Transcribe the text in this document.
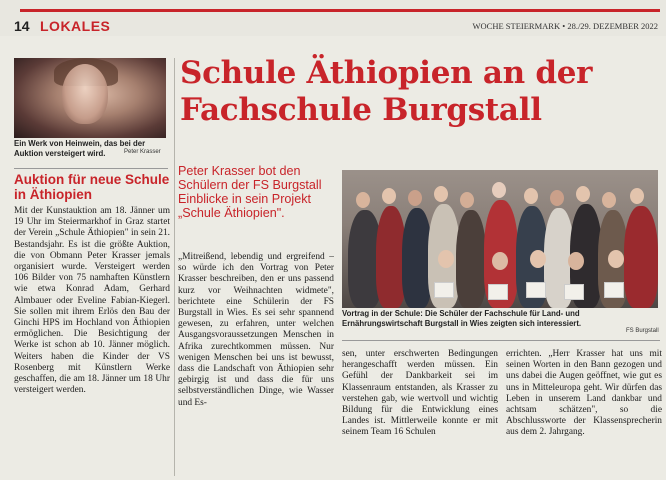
14 LOKALES	WOCHE STEIERMARK • 28./29. DEZEMBER 2022
Ein Werk von Heinwein, das bei der Auktion versteigert wird.	Peter Krasser
Auktion für neue Schule in Äthiopien

Mit der Kunstauktion am 18. Jänner um 19 Uhr im Steiermarkhof in Graz startet der Verein „Schule Äthiopien" in sein 21. Bestandsjahr. Es ist die größte Auktion, die von Obmann Peter Krasser jemals organisiert wurde. Versteigert werden 106 Bilder von 75 namhaften Künstlern wie etwa Konrad Adam, Gerhard Almbauer oder Eveline Fabian-Kiegerl. Sie sollen mit ihrem Erlös den Bau der Ginchi HPS im Hochland von Äthiopien ermöglichen. Die Besichtigung der Werke ist schon ab 10. Jänner möglich. Weiters haben die Kinder der VS Rosenberg mit Künstlern Werke geschaffen, die am 18. Jänner um 18 Uhr versteigert werden.

Schule Äthiopien an der Fachschule Burgstall
Peter Krasser bot den Schülern der FS Burgstall Einblicke in sein Projekt „Schule Äthiopien".
Vortrag in der Schule: Die Schüler der Fachschule für Land- und Ernährungswirtschaft Burgstall in Wies zeigten sich interessiert.
FS Burgstall
„Mitreißend, lebendig und ergreifend – so würde ich den Vortrag von Peter Krasser beschreiben, den er uns passend kurz vor Weihnachten widmete", berichtete eine Schülerin der FS Burgstall in Wies. Es sei sehr spannend gewesen, zu erfahren, unter welchen Ausgangsvoraussetzungen Menschen in Afrika zurechtkommen müssen. Nur wenigen Menschen bei uns ist bewusst, dass die Landschaft von Äthiopien sehr gebirgig ist und dass die für uns selbstverständlichen Dinge, wie Wasser und Es-
sen, unter erschwerten Bedingungen herangeschafft werden müssen. Ein Gefühl der Dankbarkeit sei im Klassenraum entstanden, als Krasser zu verstehen gab, wie wertvoll und wichtig Bildung für die Entwicklung eines Landes ist. Mittlerweile konnte er mit seinem Team 16 Schulen
errichten. „Herr Krasser hat uns mit seinen Worten in den Bann gezogen und uns dabei die Augen geöffnet, wie gut es uns in Mitteleuropa geht. Wir dürfen das Leben in unserem Land dankbar und achtsam schätzen", so die Abschlussworte der Klassensprecherin aus dem 2. Jahrgang.
